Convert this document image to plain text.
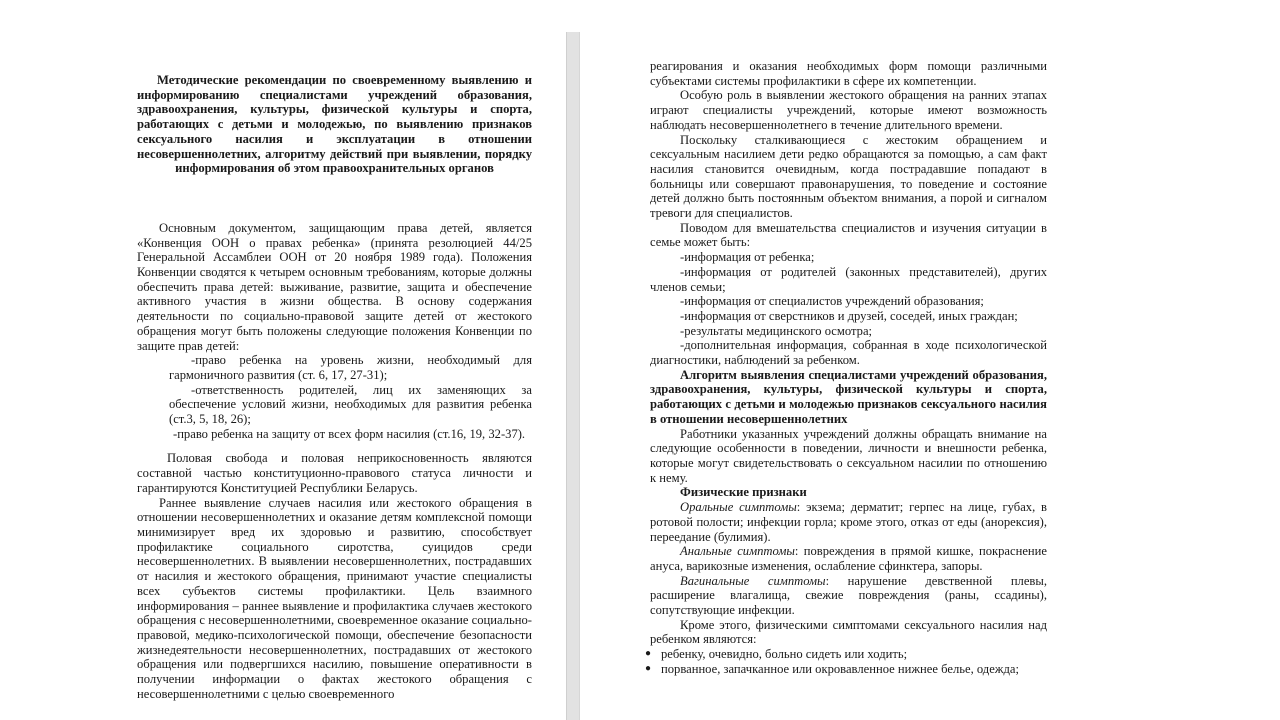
Методические рекомендации по своевременному выявлению и информированию специалистами учреждений образования, здравоохранения, культуры, физической культуры и спорта, работающих с детьми и молодежью, по выявлению признаков сексуального насилия и эксплуатации в отношении несовершеннолетних, алгоритму действий при выявлении, порядку информирования об этом правоохранительных органов

Основным документом, защищающим права детей, является «Конвенция ООН о правах ребенка» (принята резолюцией 44/25 Генеральной Ассамблеи ООН от 20 ноября 1989 года). Положения Конвенции сводятся к четырем основным требованиям, которые должны обеспечить права детей: выживание, развитие, защита и обеспечение активного участия в жизни общества. В основу содержания деятельности по социально-правовой защите детей от жестокого обращения могут быть положены следующие положения Конвенции по защите прав детей:

-право ребенка на уровень жизни, необходимый для гармоничного развития (ст. 6, 17, 27-31);

-ответственность родителей, лиц их заменяющих за обеспечение условий жизни, необходимых для развития ребенка (ст.3, 5, 18, 26);

-право ребенка на защиту от всех форм насилия (ст.16, 19, 32-37).

Половая свобода и половая неприкосновенность являются составной частью конституционно-правового статуса личности и гарантируются Конституцией Республики Беларусь.

Раннее выявление случаев насилия или жестокого обращения в отношении несовершеннолетних и оказание детям комплексной помощи минимизирует вред их здоровью и развитию, способствует профилактике социального сиротства, суицидов среди несовершеннолетних. В выявлении несовершеннолетних, пострадавших от насилия и жестокого обращения, принимают участие специалисты всех субъектов системы профилактики. Цель взаимного информирования – раннее выявление и профилактика случаев жестокого обращения с несовершеннолетними, своевременное оказание социально-правовой, медико-психологической помощи, обеспечение безопасности жизнедеятельности несовершеннолетних, пострадавших от жестокого обращения или подвергшихся насилию, повышение оперативности в получении информации о фактах жестокого обращения с несовершеннолетними с целью своевременного

реагирования и оказания необходимых форм помощи различными субъектами системы профилактики в сфере их компетенции.

Особую роль в выявлении жестокого обращения на ранних этапах играют специалисты учреждений, которые имеют возможность наблюдать несовершеннолетнего в течение длительного времени.

Поскольку сталкивающиеся с жестоким обращением и сексуальным насилием дети редко обращаются за помощью, а сам факт насилия становится очевидным, когда пострадавшие попадают в больницы или совершают правонарушения, то поведение и состояние детей должно быть постоянным объектом внимания, а порой и сигналом тревоги для специалистов.

Поводом для вмешательства специалистов и изучения ситуации в семье может быть:

-информация от ребенка;

-информация от родителей (законных представителей), других членов семьи;

-информация от специалистов учреждений образования;

-информация от сверстников и друзей, соседей, иных граждан;

-результаты медицинского осмотра;

-дополнительная информация, собранная в ходе психологической диагностики, наблюдений за ребенком.

Алгоритм выявления специалистами учреждений образования, здравоохранения, культуры, физической культуры и спорта, работающих с детьми и молодежью признаков сексуального насилия в отношении несовершеннолетних

Работники указанных учреждений должны обращать внимание на следующие особенности в поведении, личности и внешности ребенка, которые могут свидетельствовать о сексуальном насилии по отношению к нему.

Физические признаки

Оральные симптомы: экзема; дерматит; герпес на лице, губах, в ротовой полости; инфекции горла; кроме этого, отказ от еды (анорексия), переедание (булимия).

Анальные симптомы: повреждения в прямой кишке, покраснение ануса, варикозные изменения, ослабление сфинктера, запоры.

Вагинальные симптомы: нарушение девственной плевы, расширение влагалища, свежие повреждения (раны, ссадины), сопутствующие инфекции.

Кроме этого, физическими симптомами сексуального насилия над ребенком являются:

● ребенку, очевидно, больно сидеть или ходить;
● порванное, запачканное или окровавленное нижнее белье, одежда;
